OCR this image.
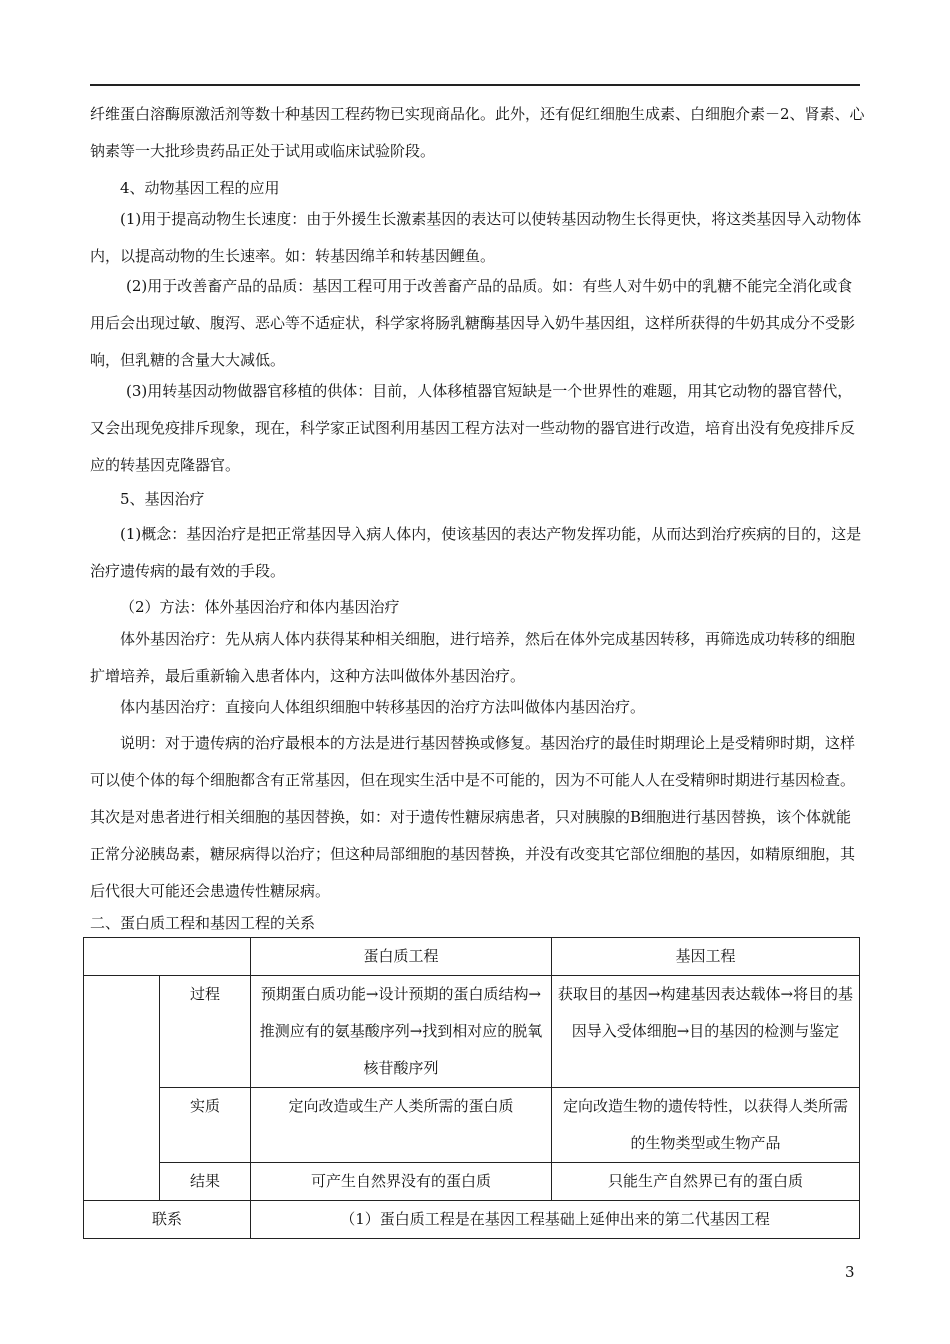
纤维蛋白溶酶原激活剂等数十种基因工程药物已实现商品化。此外，还有促红细胞生成素、白细胞介素－2、肾素、心钠素等一大批珍贵药品正处于试用或临床试验阶段。

4、动物基因工程的应用

(1)用于提高动物生长速度：由于外援生长激素基因的表达可以使转基因动物生长得更快，将这类基因导入动物体内，以提高动物的生长速率。如：转基因绵羊和转基因鲤鱼。

(2)用于改善畜产品的品质：基因工程可用于改善畜产品的品质。如：有些人对牛奶中的乳糖不能完全消化或食用后会出现过敏、腹泻、恶心等不适症状，科学家将肠乳糖酶基因导入奶牛基因组，这样所获得的牛奶其成分不受影响，但乳糖的含量大大减低。

(3)用转基因动物做器官移植的供体：目前，人体移植器官短缺是一个世界性的难题，用其它动物的器官替代，又会出现免疫排斥现象，现在，科学家正试图利用基因工程方法对一些动物的器官进行改造，培育出没有免疫排斥反应的转基因克隆器官。

5、基因治疗

(1)概念：基因治疗是把正常基因导入病人体内，使该基因的表达产物发挥功能，从而达到治疗疾病的目的，这是治疗遗传病的最有效的手段。

（2）方法：体外基因治疗和体内基因治疗

体外基因治疗：先从病人体内获得某种相关细胞，进行培养，然后在体外完成基因转移，再筛选成功转移的细胞扩增培养，最后重新输入患者体内，这种方法叫做体外基因治疗。

体内基因治疗：直接向人体组织细胞中转移基因的治疗方法叫做体内基因治疗。

说明：对于遗传病的治疗最根本的方法是进行基因替换或修复。基因治疗的最佳时期理论上是受精卵时期，这样可以使个体的每个细胞都含有正常基因，但在现实生活中是不可能的，因为不可能人人在受精卵时期进行基因检查。其次是对患者进行相关细胞的基因替换，如：对于遗传性糖尿病患者，只对胰腺的B细胞进行基因替换，该个体就能正常分泌胰岛素，糖尿病得以治疗；但这种局部细胞的基因替换，并没有改变其它部位细胞的基因，如精原细胞，其后代很大可能还会患遗传性糖尿病。

二、蛋白质工程和基因工程的关系

		蛋白质工程	基因工程
	过程	预期蛋白质功能→设计预期的蛋白质结构→推测应有的氨基酸序列→找到相对应的脱氧核苷酸序列	获取目的基因→构建基因表达载体→将目的基因导入受体细胞→目的基因的检测与鉴定
	实质	定向改造或生产人类所需的蛋白质	定向改造生物的遗传特性，以获得人类所需的生物类型或生物产品
	结果	可产生自然界没有的蛋白质	只能生产自然界已有的蛋白质
联系		（1）蛋白质工程是在基因工程基础上延伸出来的第二代基因工程	
3
